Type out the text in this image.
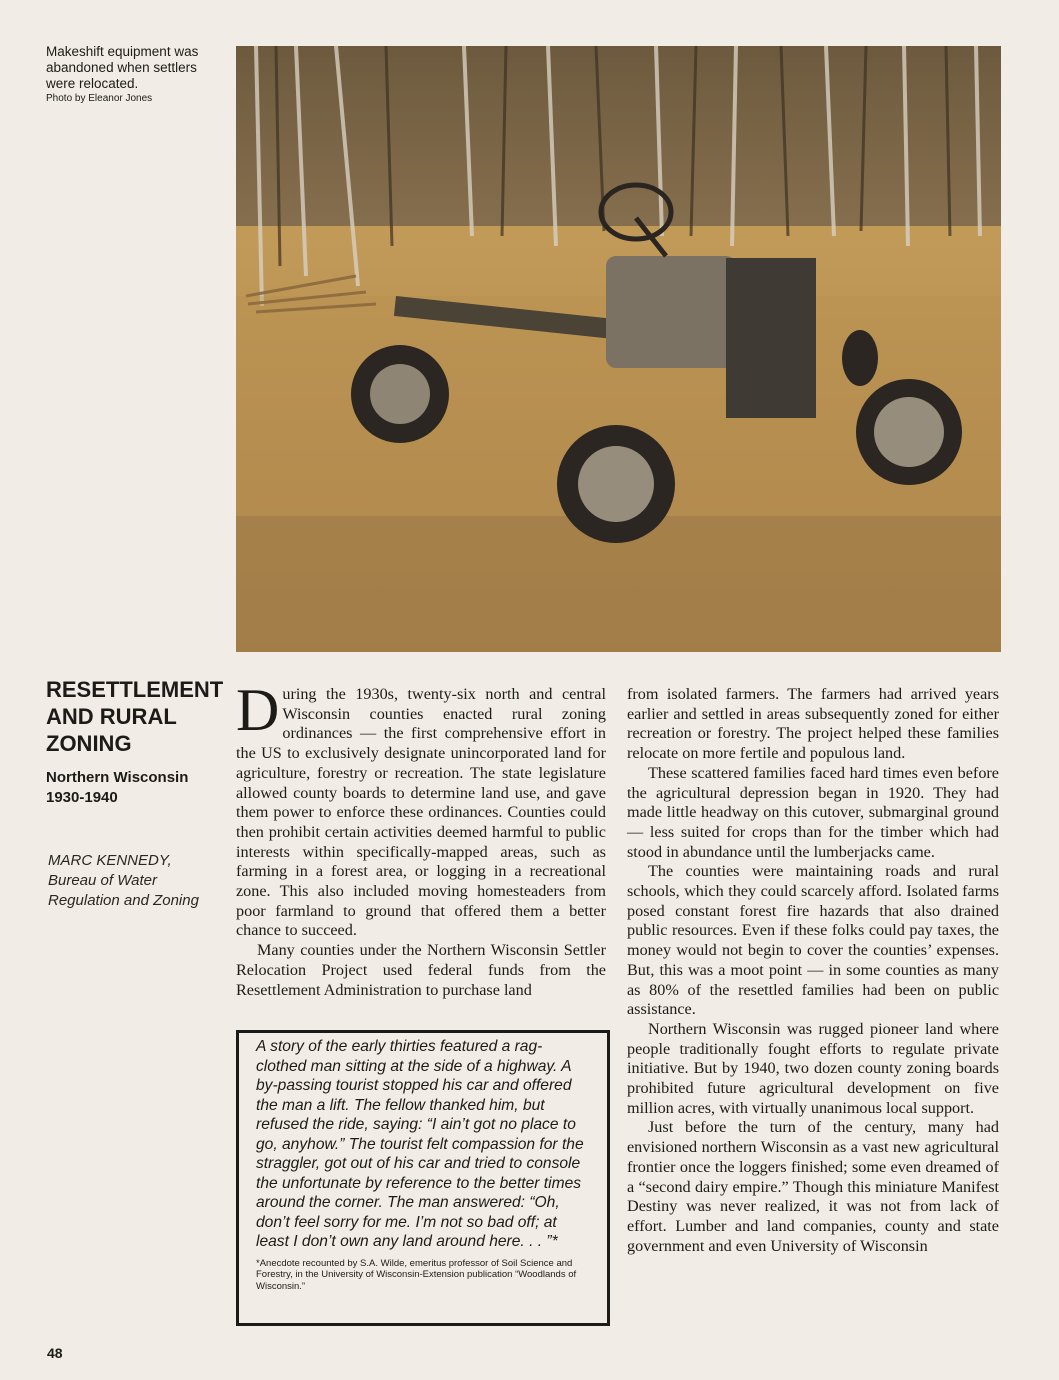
Makeshift equipment was abandoned when settlers were relocated.
Photo by Eleanor Jones
RESETTLEMENT AND RURAL ZONING
Northern Wisconsin 1930-1940
MARC KENNEDY, Bureau of Water Regulation and Zoning

During the 1930s, twenty-six north and central Wisconsin counties enacted rural zoning ordinances — the first comprehensive effort in the US to exclusively designate unincorporated land for agriculture, forestry or recreation. The state legislature allowed county boards to determine land use, and gave them power to enforce these ordinances. Counties could then prohibit certain activities deemed harmful to public interests within specifically-mapped areas, such as farming in a forest area, or logging in a recreational zone. This also included moving homesteaders from poor farmland to ground that offered them a better chance to succeed.

Many counties under the Northern Wisconsin Settler Relocation Project used federal funds from the Resettlement Administration to purchase land

from isolated farmers. The farmers had arrived years earlier and settled in areas subsequently zoned for either recreation or forestry. The project helped these families relocate on more fertile and populous land.

These scattered families faced hard times even before the agricultural depression began in 1920. They had made little headway on this cutover, submarginal ground — less suited for crops than for the timber which had stood in abundance until the lumberjacks came.

The counties were maintaining roads and rural schools, which they could scarcely afford. Isolated farms posed constant forest fire hazards that also drained public resources. Even if these folks could pay taxes, the money would not begin to cover the counties’ expenses. But, this was a moot point — in some counties as many as 80% of the resettled families had been on public assistance.

Northern Wisconsin was rugged pioneer land where people traditionally fought efforts to regulate private initiative. But by 1940, two dozen county zoning boards prohibited future agricultural development on five million acres, with virtually unanimous local support.

Just before the turn of the century, many had envisioned northern Wisconsin as a vast new agricultural frontier once the loggers finished; some even dreamed of a “second dairy empire.” Though this miniature Manifest Destiny was never realized, it was not from lack of effort. Lumber and land companies, county and state government and even University of Wisconsin

A story of the early thirties featured a rag-clothed man sitting at the side of a highway. A by-passing tourist stopped his car and offered the man a lift. The fellow thanked him, but refused the ride, saying: “I ain’t got no place to go, anyhow.” The tourist felt compassion for the straggler, got out of his car and tried to console the unfortunate by reference to the better times around the corner. The man answered: “Oh, don’t feel sorry for me. I’m not so bad off; at least I don’t own any land around here. . . ”*

*Anecdote recounted by S.A. Wilde, emeritus professor of Soil Science and Forestry, in the University of Wisconsin-Extension publication “Woodlands of Wisconsin.”

48
